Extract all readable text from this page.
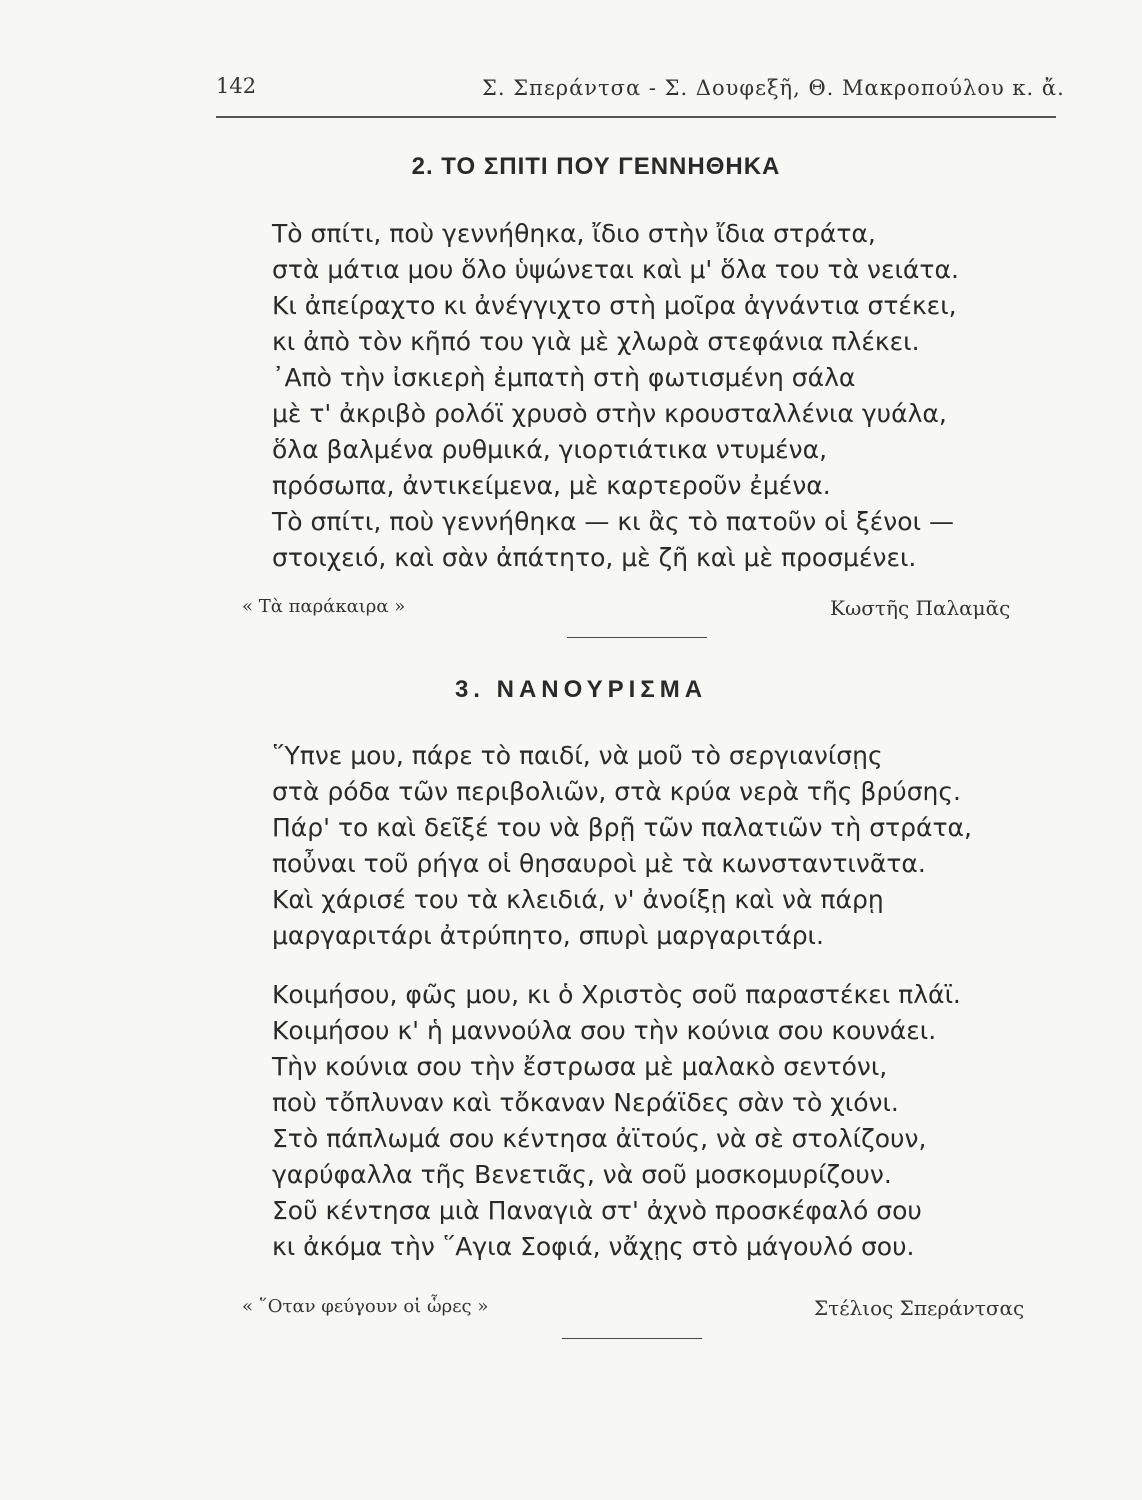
142	Σ. Σπεράντσα - Σ. Δουφεξῆ, Θ. Μακροπούλου κ. ἄ.
2. ΤΟ ΣΠΙΤΙ ΠΟΥ ΓΕΝΝΗΘΗΚΑ
Τὸ σπίτι, ποὺ γεννήθηκα, ἴδιο στὴν ἴδια στράτα,
στὰ μάτια μου ὅλο ὑψώνεται καὶ μ' ὅλα του τὰ νειάτα.
Κι ἀπείραχτο κι ἀνέγγιχτο στὴ μοῖρα ἀγνάντια στέκει,
κι ἀπὸ τὸν κῆπό του γιὰ μὲ χλωρὰ στεφάνια πλέκει.
᾿Απὸ τὴν ἰσκιερὴ ἐμπατὴ στὴ φωτισμένη σάλα
μὲ τ' ἀκριβὸ ρολόϊ χρυσὸ στὴν κρουσταλλένια γυάλα,
ὅλα βαλμένα ρυθμικά, γιορτιάτικα ντυμένα,
πρόσωπα, ἀντικείμενα, μὲ καρτεροῦν ἐμένα.
Τὸ σπίτι, ποὺ γεννήθηκα — κι ἂς τὸ πατοῦν οἱ ξένοι —
στοιχειό, καὶ σὰν ἀπάτητο, μὲ ζῆ καὶ μὲ προσμένει.
« Τὰ παράκαιρα »	Κωστῆς Παλαμᾶς
3. ΝΑΝΟΥΡΙΣΜΑ
῞Υπνε μου, πάρε τὸ παιδί, νὰ μοῦ τὸ σεργιανίσῃς
στὰ ρόδα τῶν περιβολιῶν, στὰ κρύα νερὰ τῆς βρύσης.
Πάρ' το καὶ δεῖξέ του νὰ βρῇ τῶν παλατιῶν τὴ στράτα,
ποὖναι τοῦ ρήγα οἱ θησαυροὶ μὲ τὰ κωνσταντινᾶτα.
Καὶ χάρισέ του τὰ κλειδιά, ν' ἀνοίξῃ καὶ νὰ πάρῃ
μαργαριτάρι ἀτρύπητο, σπυρὶ μαργαριτάρι.
Κοιμήσου, φῶς μου, κι ὁ Χριστὸς σοῦ παραστέκει πλάϊ.
Κοιμήσου κ' ἡ μαννούλα σου τὴν κούνια σου κουνάει.
Τὴν κούνια σου τὴν ἔστρωσα μὲ μαλακὸ σεντόνι,
ποὺ τὄπλυναν καὶ τὄκαναν Νεράϊδες σὰν τὸ χιόνι.
Στὸ πάπλωμά σου κέντησα ἀϊτούς, νὰ σὲ στολίζουν,
γαρύφαλλα τῆς Βενετιᾶς, νὰ σοῦ μοσκομυρίζουν.
Σοῦ κέντησα μιὰ Παναγιὰ στ' ἀχνὸ προσκέφαλό σου
κι ἀκόμα τὴν ῞Αγια Σοφιά, νἄχῃς στὸ μάγουλό σου.
« ῞Οταν φεύγουν οἱ ὧρες »	Στέλιος Σπεράντσας
